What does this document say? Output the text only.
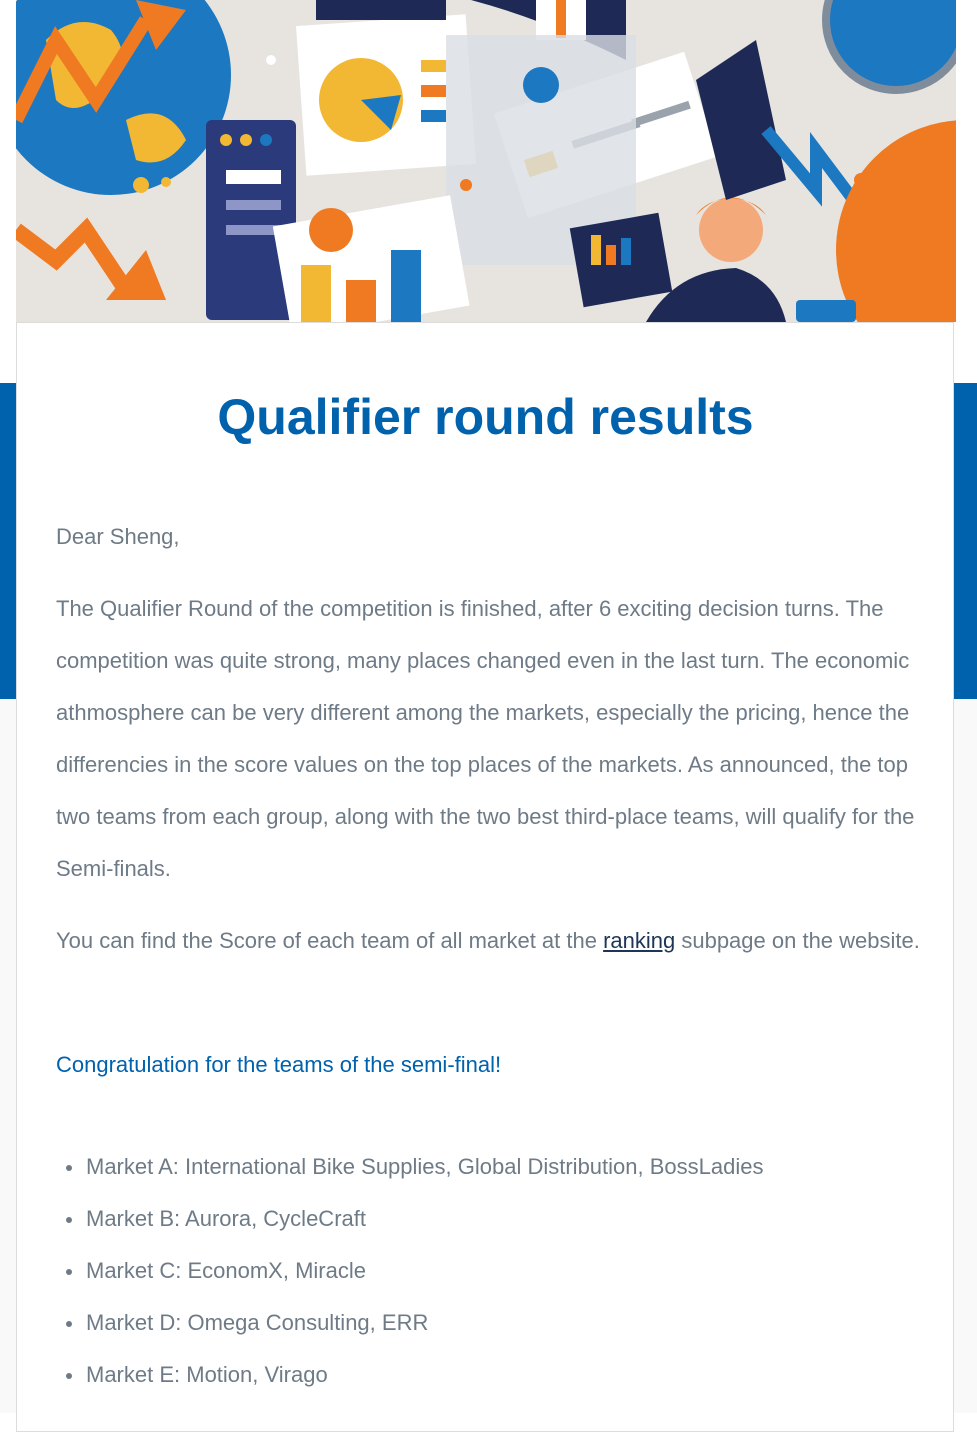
Qualifier round results

Dear Sheng,

The Qualifier Round of the competition is finished, after 6 exciting decision turns. The competition was quite strong, many places changed even in the last turn. The economic athmosphere can be very different among the markets, especially the pricing, hence the differencies in the score values on the top places of the markets. As announced, the top two teams from each group, along with the two best third-place teams, will qualify for the Semi-finals.

You can find the Score of each team of all market at the ranking subpage on the website.

Congratulation for the teams of the semi-final!

Market A: International Bike Supplies, Global Distribution, BossLadies
Market B: Aurora, CycleCraft
Market C: EconomX, Miracle
Market D: Omega Consulting, ERR
Market E: Motion, Virago
